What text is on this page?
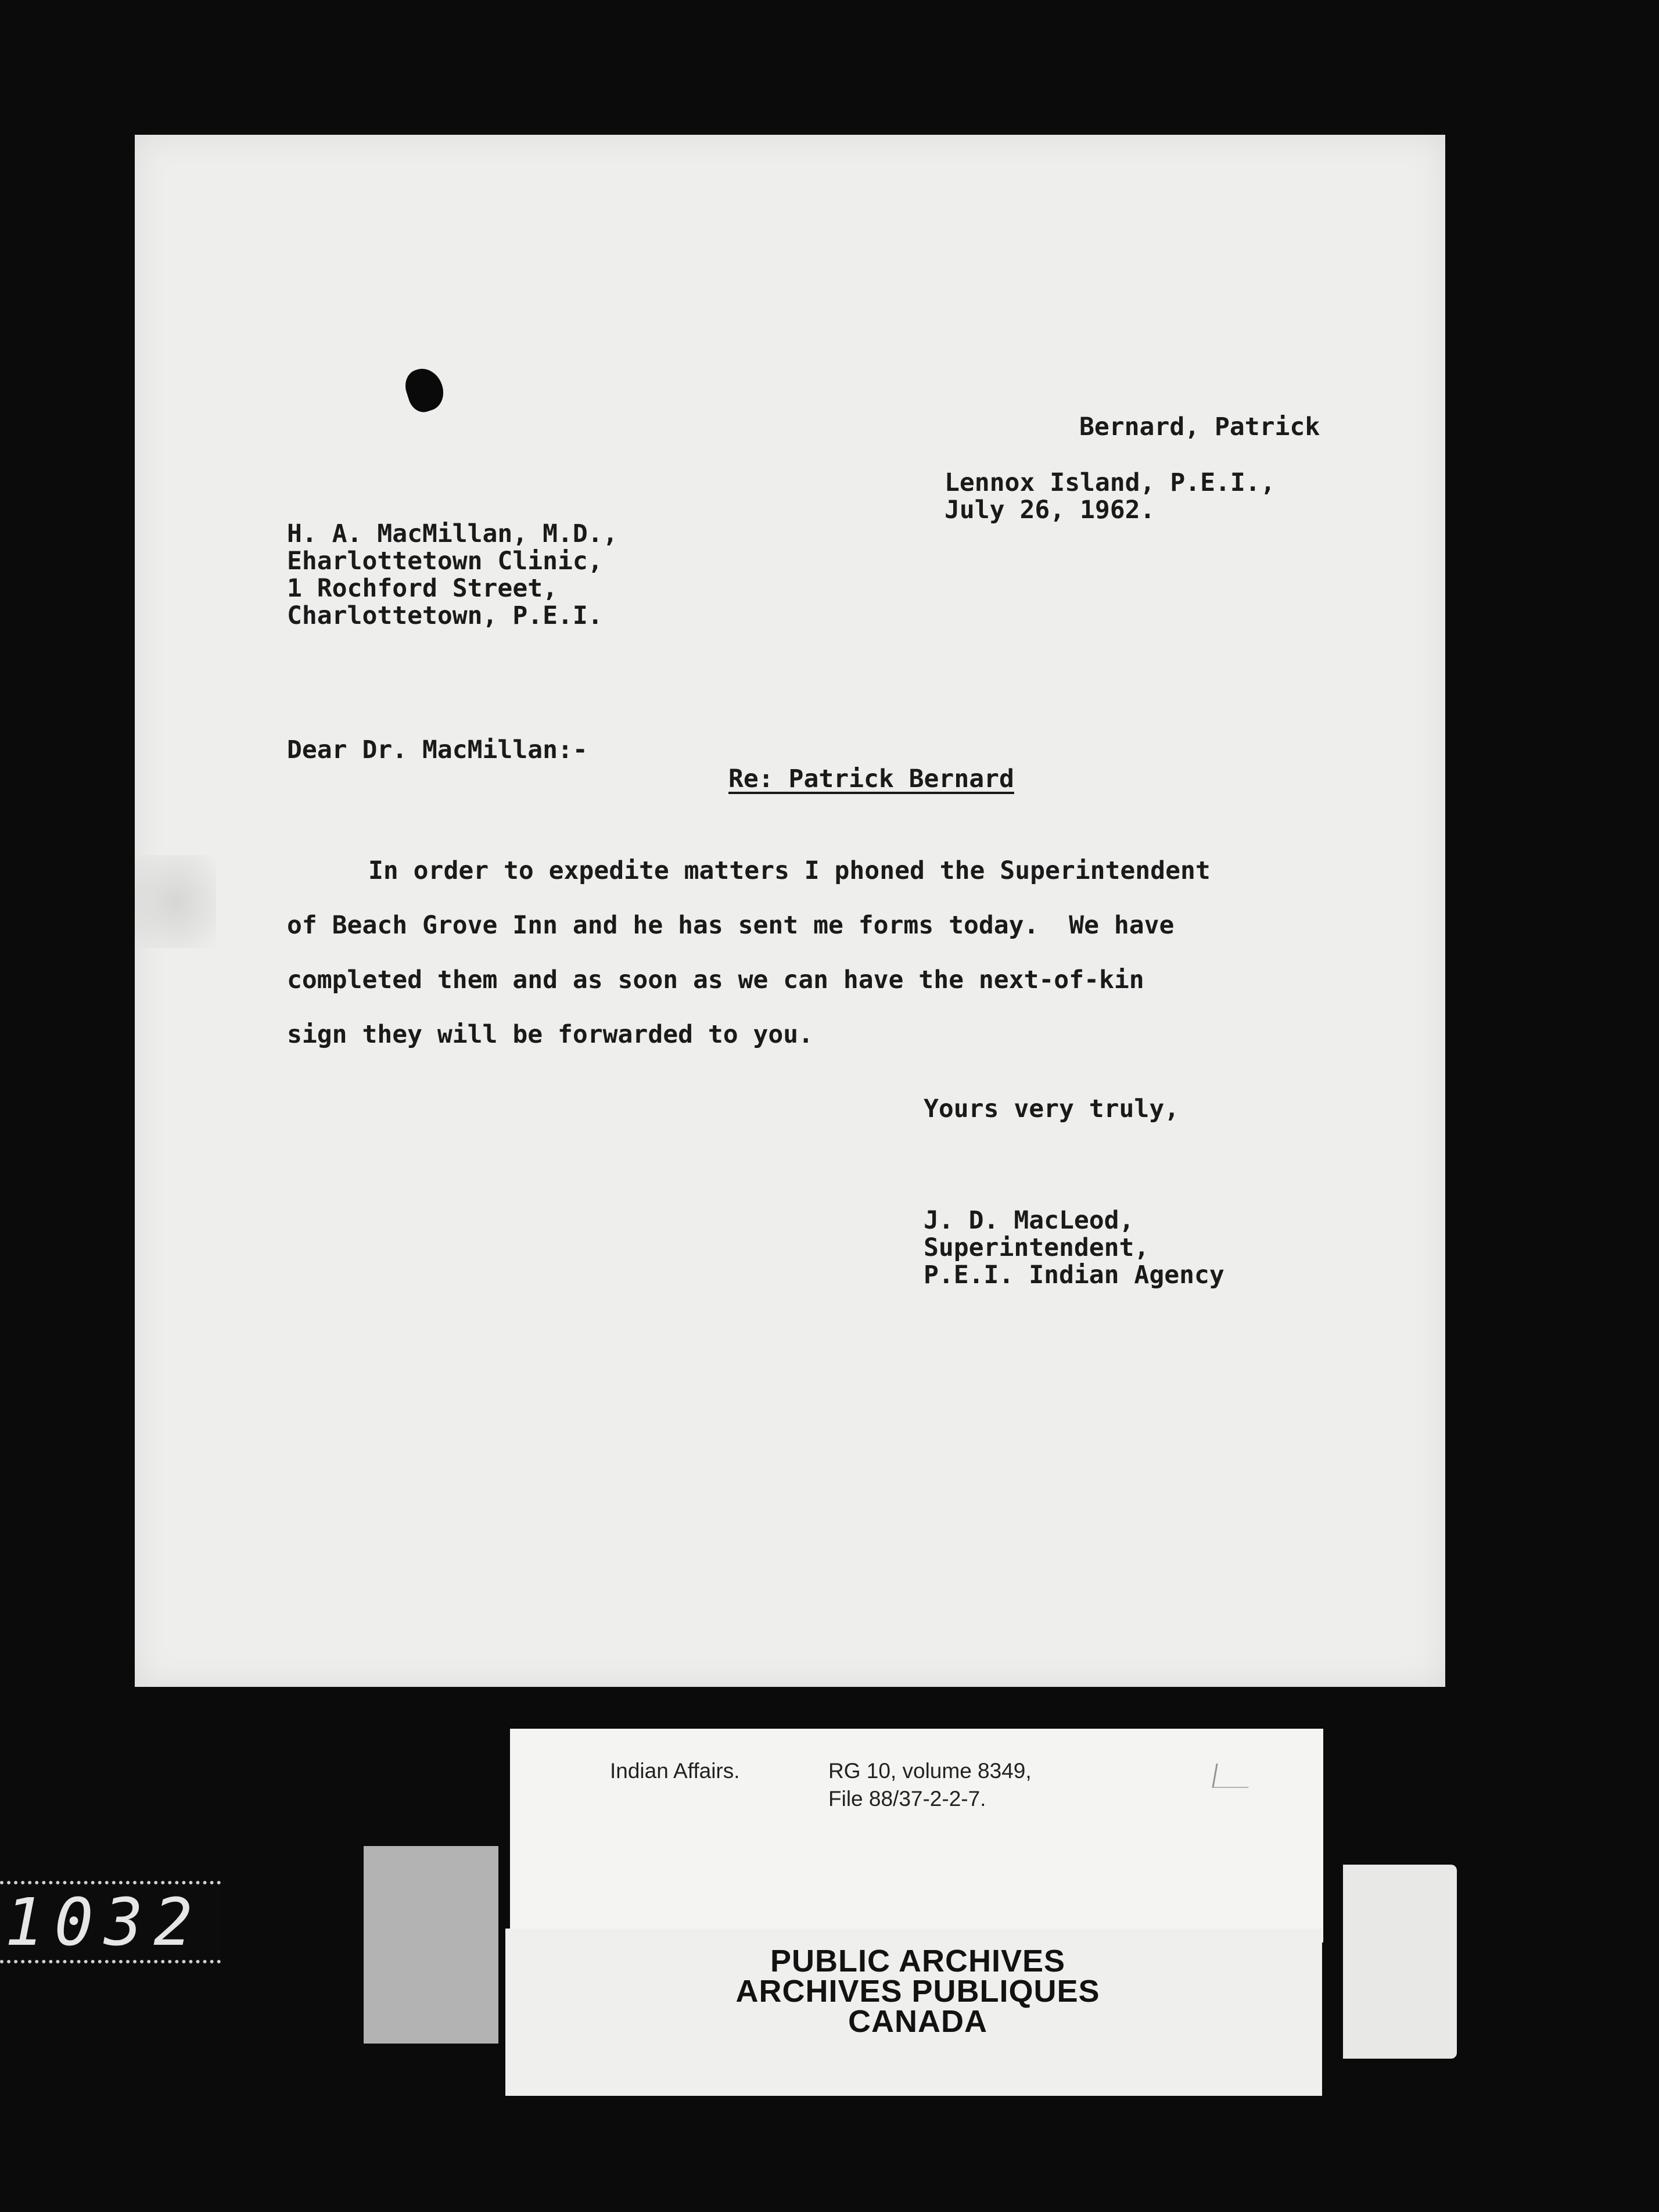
Bernard, Patrick

Lennox Island, P.E.I.,
July 26, 1962.
H. A. MacMillan, M.D.,
Eharlottetown Clinic,
1 Rochford Street,
Charlottetown, P.E.I.

Dear Dr. MacMillan:-

Re: Patrick Bernard

In order to expedite matters I phoned the Superintendent
of Beach Grove Inn and he has sent me forms today.  We have
completed them and as soon as we can have the next-of-kin
sign they will be forwarded to you.

Yours very truly,

J. D. MacLeod,
Superintendent,
P.E.I. Indian Agency

Indian Affairs.	RG 10, volume 8349,

File 88/37-2-2-7.

PUBLIC ARCHIVES
ARCHIVES PUBLIQUES
CANADA

1032
